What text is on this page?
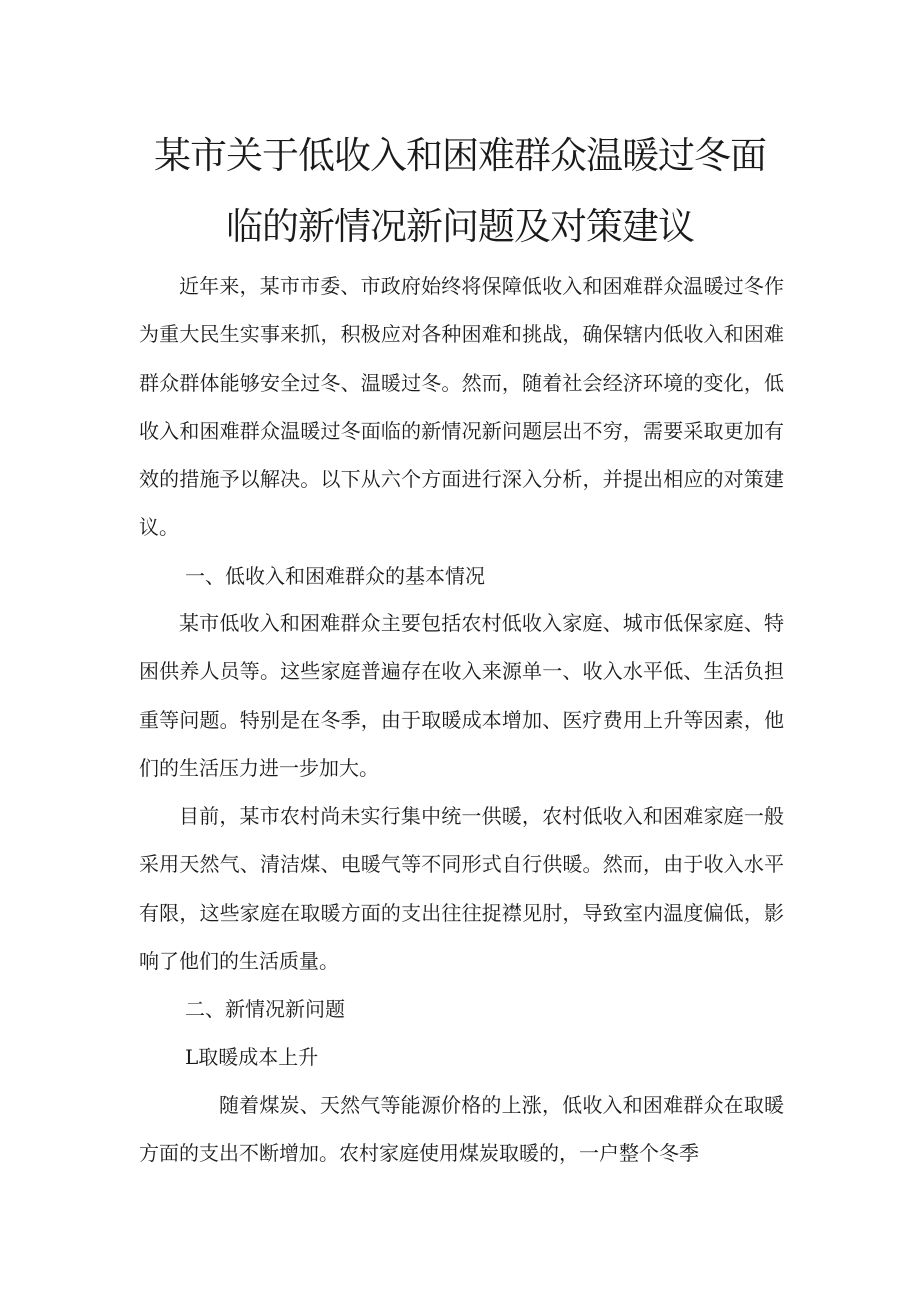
某市关于低收入和困难群众温暖过冬面
临的新情况新问题及对策建议

近年来，某市市委、市政府始终将保障低收入和困难群众温暖过冬作为重大民生实事来抓，积极应对各种困难和挑战，确保辖内低收入和困难群众群体能够安全过冬、温暖过冬。然而，随着社会经济环境的变化，低收入和困难群众温暖过冬面临的新情况新问题层出不穷，需要采取更加有效的措施予以解决。以下从六个方面进行深入分析，并提出相应的对策建议。

一、低收入和困难群众的基本情况

某市低收入和困难群众主要包括农村低收入家庭、城市低保家庭、特困供养人员等。这些家庭普遍存在收入来源单一、收入水平低、生活负担重等问题。特别是在冬季，由于取暖成本增加、医疗费用上升等因素，他们的生活压力进一步加大。

目前，某市农村尚未实行集中统一供暖，农村低收入和困难家庭一般采用天然气、清洁煤、电暖气等不同形式自行供暖。然而，由于收入水平有限，这些家庭在取暖方面的支出往往捉襟见肘，导致室内温度偏低，影响了他们的生活质量。

二、新情况新问题

L取暖成本上升

随着煤炭、天然气等能源价格的上涨，低收入和困难群众在取暖方面的支出不断增加。农村家庭使用煤炭取暖的，一户整个冬季
